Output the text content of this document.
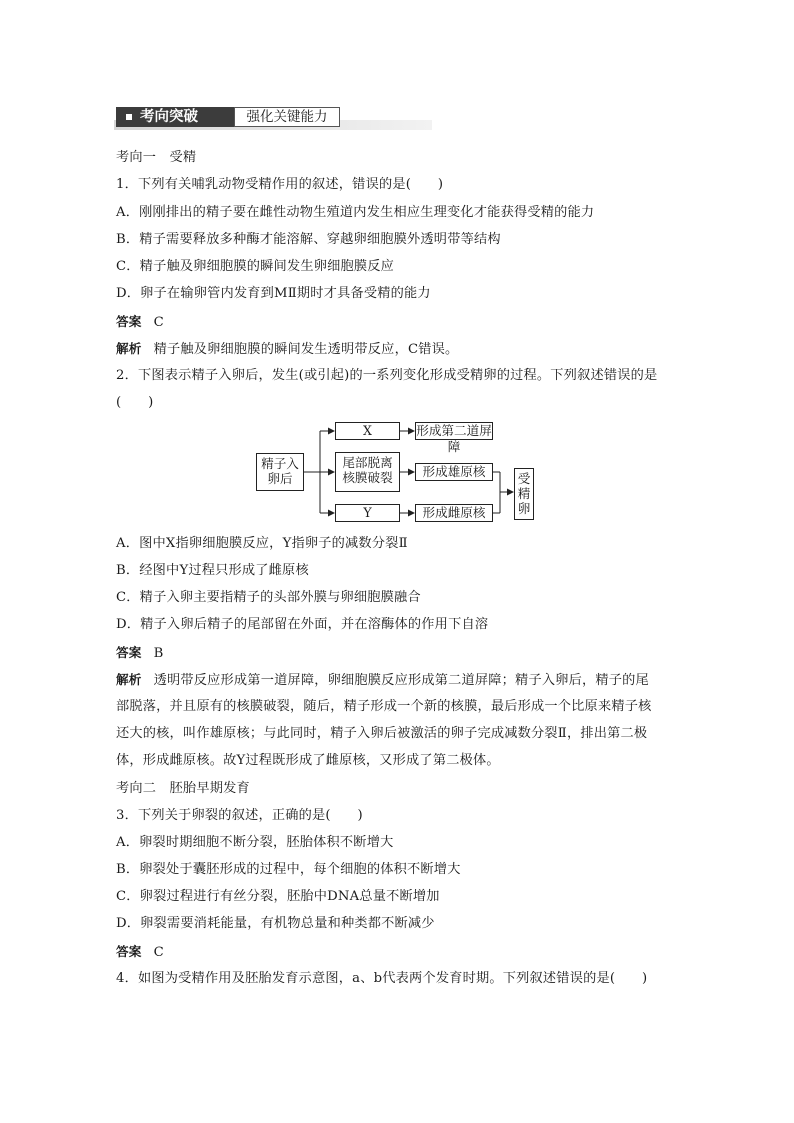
考向突破	强化关键能力
考向一　受精
1．下列有关哺乳动物受精作用的叙述，错误的是(　　)
A．刚刚排出的精子要在雌性动物生殖道内发生相应生理变化才能获得受精的能力
B．精子需要释放多种酶才能溶解、穿越卵细胞膜外透明带等结构
C．精子触及卵细胞膜的瞬间发生卵细胞膜反应
D．卵子在输卵管内发育到MⅡ期时才具备受精的能力
答案 C
解析 精子触及卵细胞膜的瞬间发生透明带反应，C错误。
2．下图表示精子入卵后，发生(或引起)的一系列变化形成受精卵的过程。下列叙述错误的是
(　　)
精子入
卵后
X
尾部脱离
核膜破裂
Y
形成第二道屏障
形成雄原核
形成雌原核
受
精
卵
A．图中X指卵细胞膜反应，Y指卵子的减数分裂Ⅱ
B．经图中Y过程只形成了雌原核
C．精子入卵主要指精子的头部外膜与卵细胞膜融合
D．精子入卵后精子的尾部留在外面，并在溶酶体的作用下自溶
答案 B
解析 透明带反应形成第一道屏障，卵细胞膜反应形成第二道屏障；精子入卵后，精子的尾
部脱落，并且原有的核膜破裂，随后，精子形成一个新的核膜，最后形成一个比原来精子核
还大的核，叫作雄原核；与此同时，精子入卵后被激活的卵子完成减数分裂Ⅱ，排出第二极
体，形成雌原核。故Y过程既形成了雌原核，又形成了第二极体。
考向二　胚胎早期发育
3．下列关于卵裂的叙述，正确的是(　　)
A．卵裂时期细胞不断分裂，胚胎体积不断增大
B．卵裂处于囊胚形成的过程中，每个细胞的体积不断增大
C．卵裂过程进行有丝分裂，胚胎中DNA总量不断增加
D．卵裂需要消耗能量，有机物总量和种类都不断减少
答案 C
4．如图为受精作用及胚胎发育示意图，a、b代表两个发育时期。下列叙述错误的是(　　)
